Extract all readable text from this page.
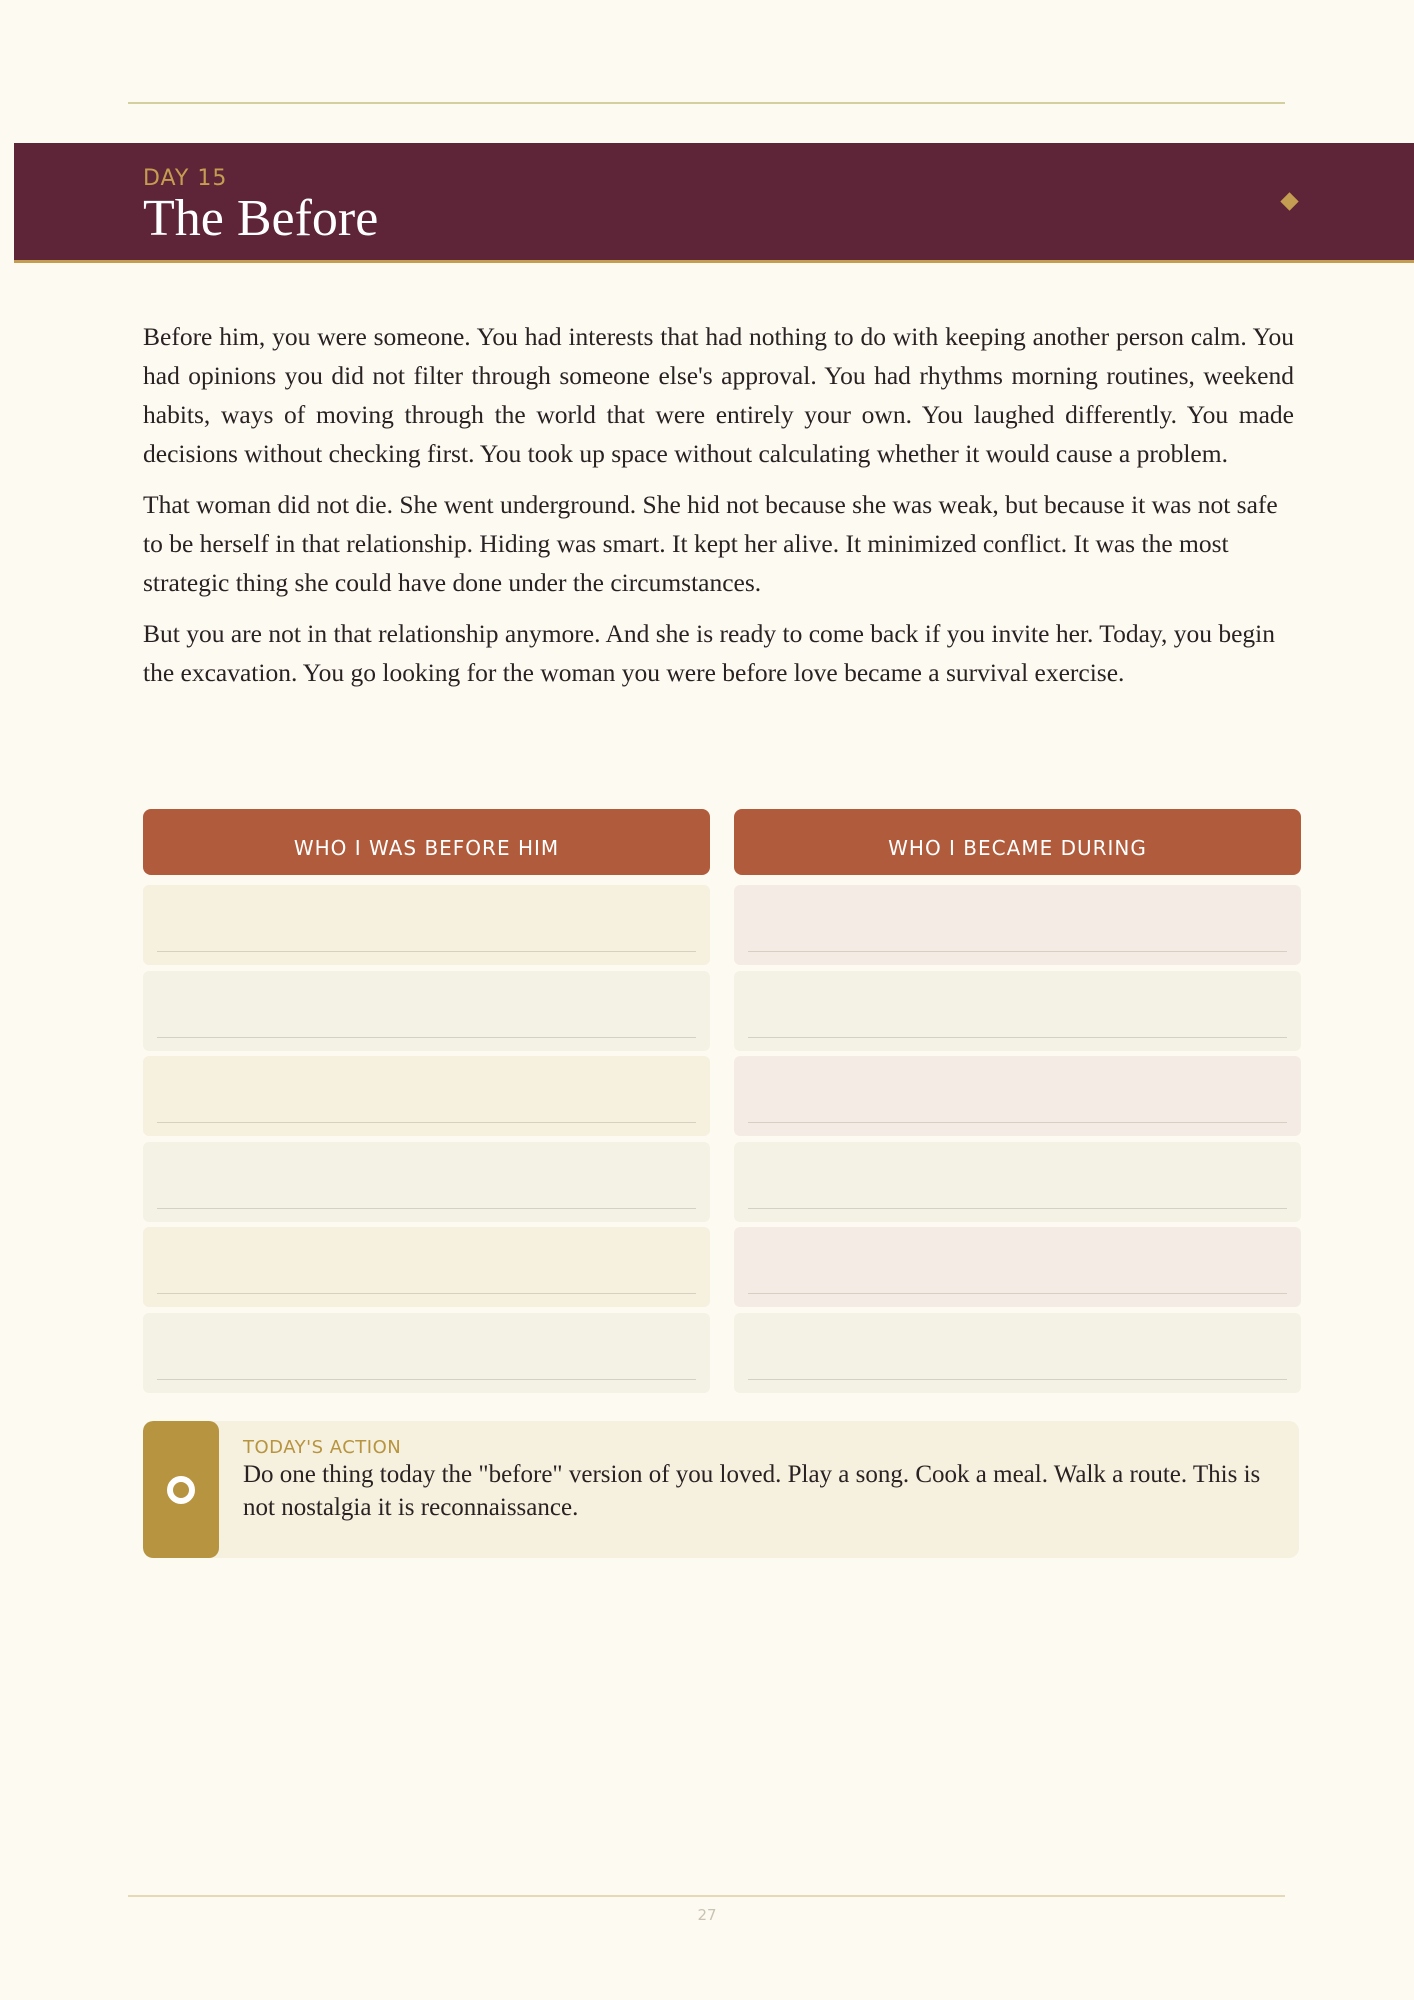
DAY 15
The Before

Before him, you were someone. You had interests that had nothing to do with keeping another person calm. You had opinions you did not filter through someone else's approval. You had rhythms morning routines, weekend habits, ways of moving through the world that were entirely your own. You laughed differently. You made decisions without checking first. You took up space without calculating whether it would cause a problem.

That woman did not die. She went underground. She hid not because she was weak, but because it was not safe to be herself in that relationship. Hiding was smart. It kept her alive. It minimized conflict. It was the most strategic thing she could have done under the circumstances.

But you are not in that relationship anymore. And she is ready to come back if you invite her. Today, you begin the excavation. You go looking for the woman you were before love became a survival exercise.

WHO I WAS BEFORE HIM	WHO I BECAME DURING
TODAY'S ACTION
Do one thing today the "before" version of you loved. Play a song. Cook a meal. Walk a route. This is not nostalgia it is reconnaissance.
27
